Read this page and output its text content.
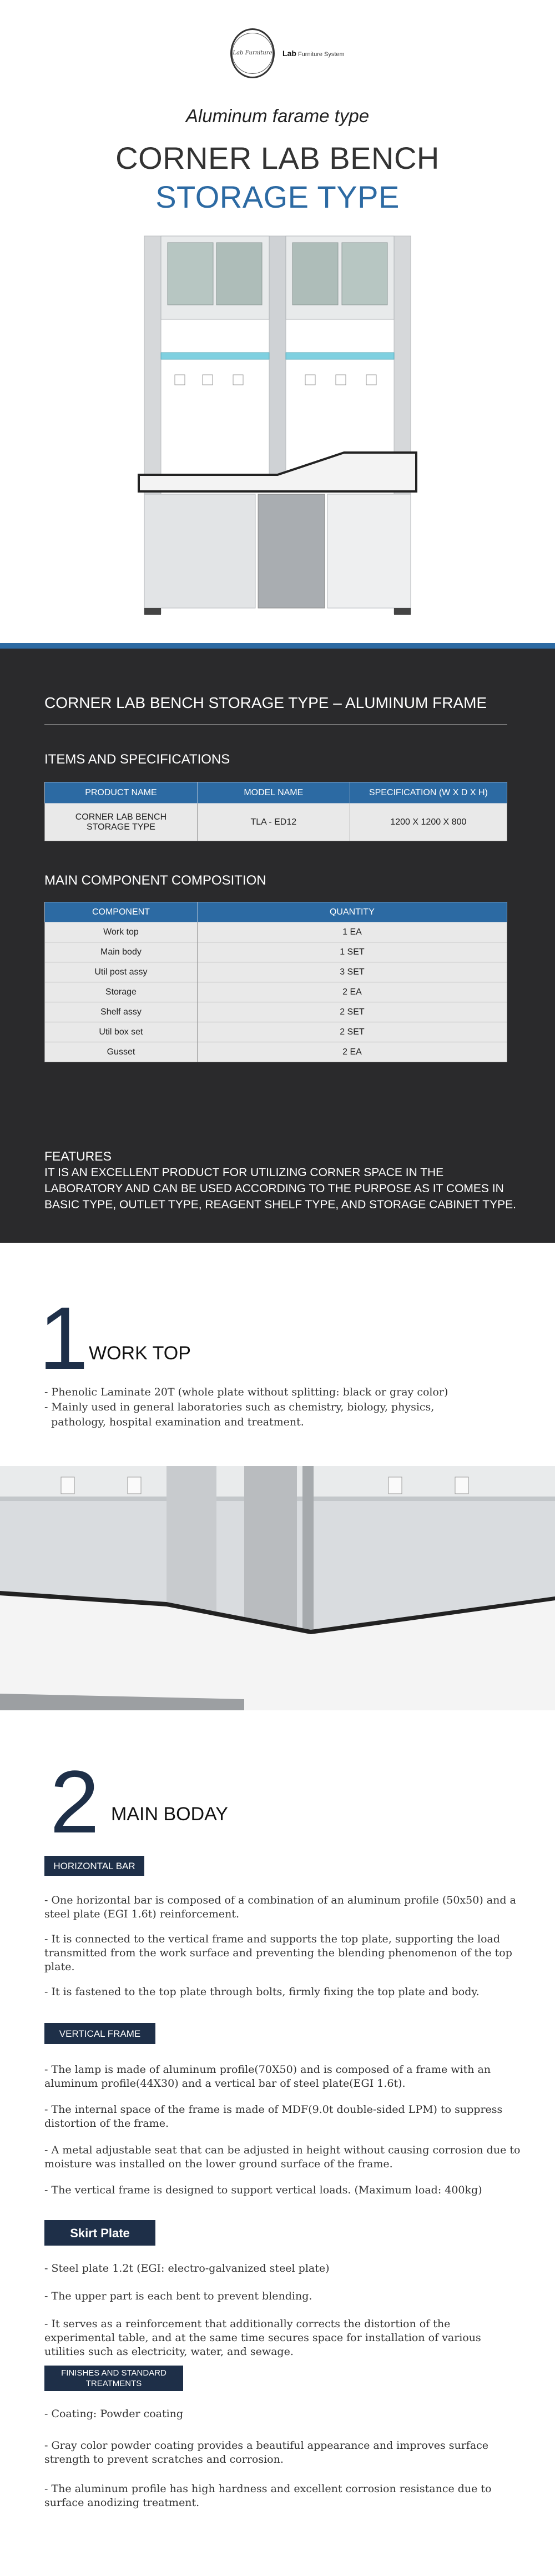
Lab Furniture Lab Furniture System
Aluminum farame type
CORNER LAB BENCH
STORAGE TYPE
CORNER LAB BENCH STORAGE TYPE – ALUMINUM FRAME
ITEMS AND SPECIFICATIONS
PRODUCT NAME	MODEL NAME	SPECIFICATION (W X D X H)
CORNER LAB BENCH STORAGE TYPE	TLA - ED12	1200 X 1200 X 800
MAIN COMPONENT COMPOSITION
COMPONENT	QUANTITY
Work top	1 EA
Main body	1 SET
Util post assy	3 SET
Storage	2 EA
Shelf assy	2 SET
Util box set	2 SET
Gusset	2 EA
FEATURES
IT IS AN EXCELLENT PRODUCT FOR UTILIZING CORNER SPACE IN THE LABORATORY AND CAN BE USED ACCORDING TO THE PURPOSE AS IT COMES IN BASIC TYPE, OUTLET TYPE, REAGENT SHELF TYPE, AND STORAGE CABINET TYPE.
1 WORK TOP
- Phenolic Laminate 20T (whole plate without splitting: black or gray color)
- Mainly used in general laboratories such as chemistry, biology, physics,
pathology, hospital examination and treatment.
2 MAIN BODAY
HORIZONTAL BAR
- One horizontal bar is composed of a combination of an aluminum profile (50x50) and a steel plate (EGI 1.6t) reinforcement.
- It is connected to the vertical frame and supports the top plate, supporting the load transmitted from the work surface and preventing the blending phenomenon of the top plate.
- It is fastened to the top plate through bolts, firmly fixing the top plate and body.
VERTICAL FRAME
- The lamp is made of aluminum profile(70X50) and is composed of a frame with an aluminum profile(44X30) and a vertical bar of steel plate(EGI 1.6t).
- The internal space of the frame is made of MDF(9.0t double-sided LPM) to suppress distortion of the frame.
- A metal adjustable seat that can be adjusted in height without causing corrosion due to moisture was installed on the lower ground surface of the frame.
- The vertical frame is designed to support vertical loads. (Maximum load: 400kg)
Skirt Plate
- Steel plate 1.2t (EGI: electro-galvanized steel plate)
- The upper part is each bent to prevent blending.
- It serves as a reinforcement that additionally corrects the distortion of the experimental table, and at the same time secures space for installation of various utilities such as electricity, water, and sewage.
FINISHES AND STANDARD TREATMENTS
- Coating: Powder coating
- Gray color powder coating provides a beautiful appearance and improves surface strength to prevent scratches and corrosion.
- The aluminum profile has high hardness and excellent corrosion resistance due to surface anodizing treatment.
